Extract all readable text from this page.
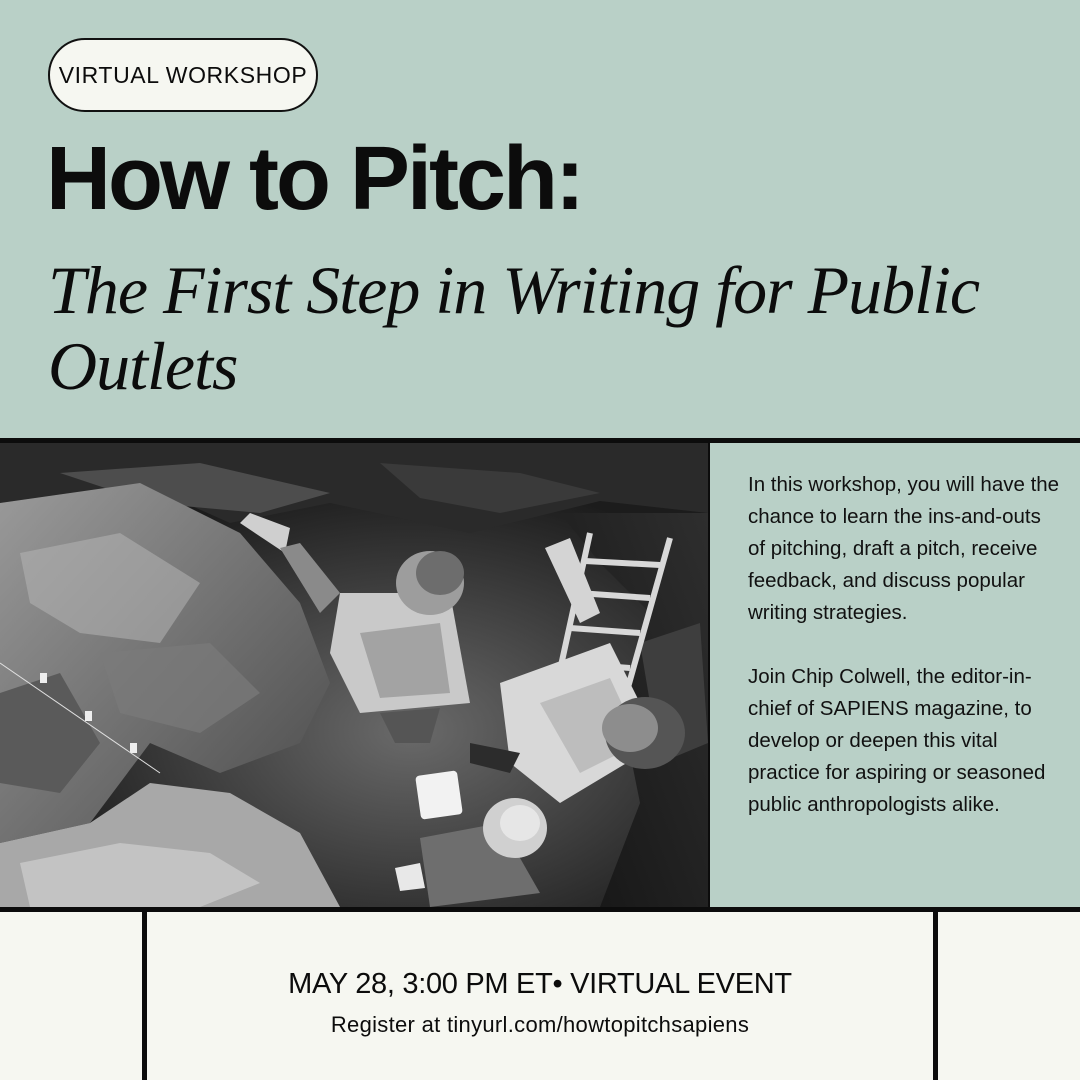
VIRTUAL WORKSHOP
How to Pitch:
The First Step in Writing for Public Outlets

In this workshop, you will have the chance to learn the ins-and-outs of pitching, draft a pitch, receive feedback, and discuss popular writing strategies.

Join Chip Colwell, the editor-in-chief of SAPIENS magazine, to develop or deepen this vital practice for aspiring or seasoned public anthropologists alike.

MAY 28, 3:00 PM ET• VIRTUAL EVENT
Register at tinyurl.com/howtopitchsapiens
